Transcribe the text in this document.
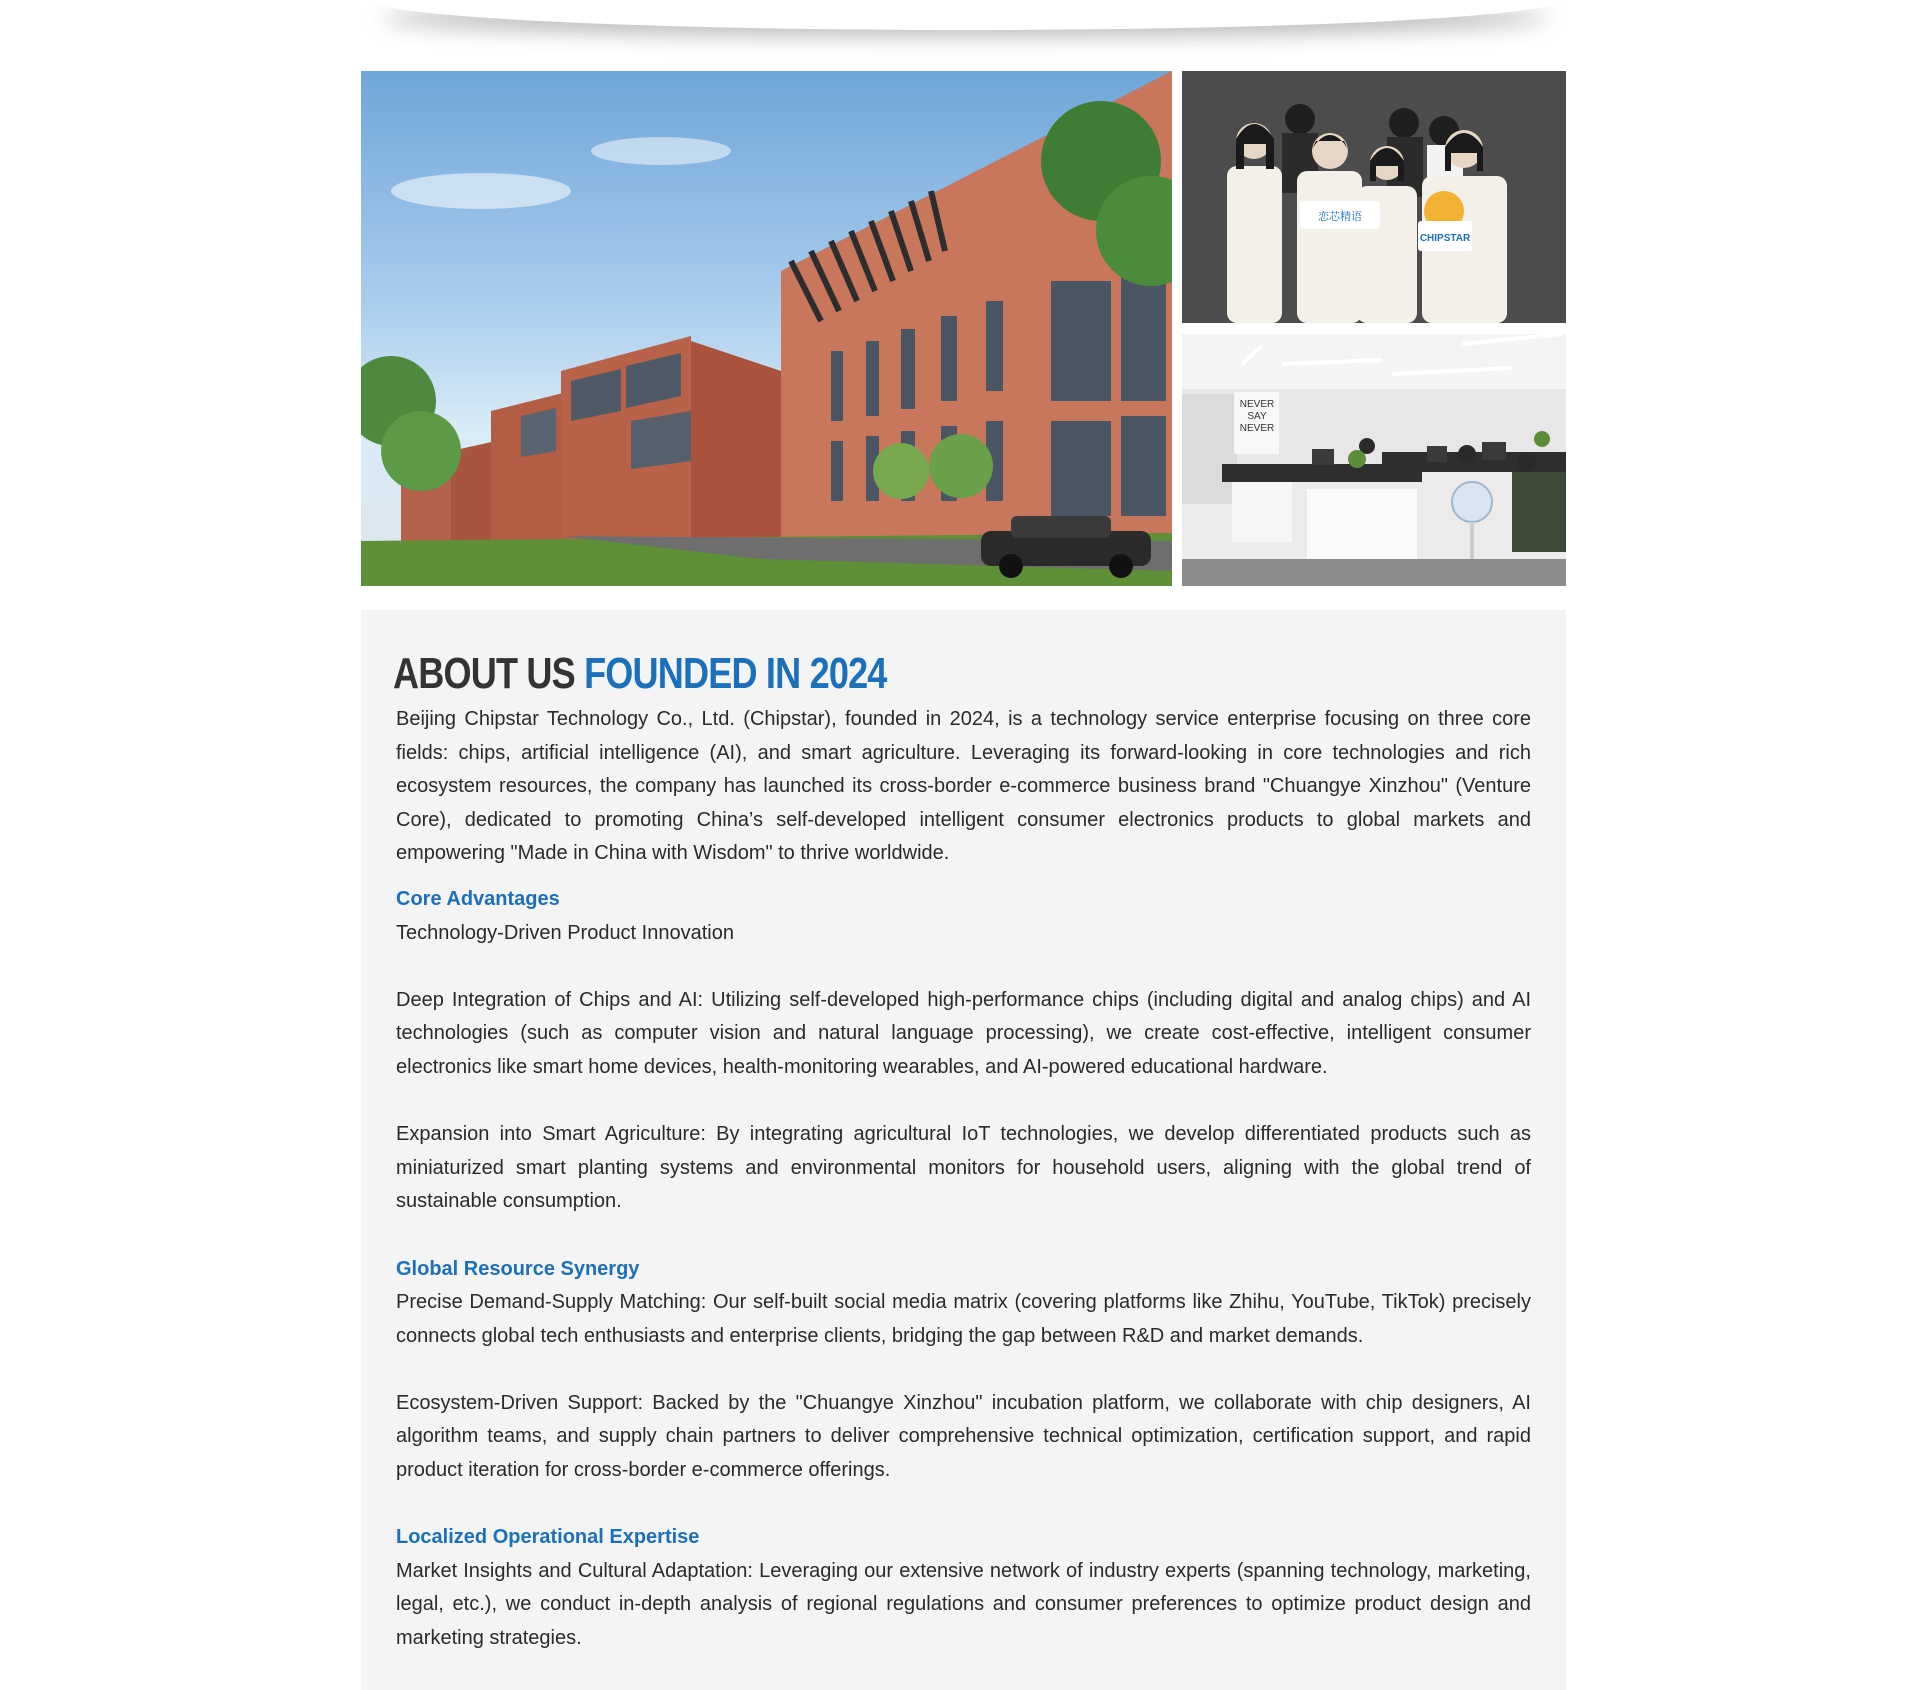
恋芯精语
CHIPSTAR
NEVER
SAY
NEVER
ABOUT US FOUNDED IN 2024

Beijing Chipstar Technology Co., Ltd. (Chipstar), founded in 2024, is a technology service enterprise focusing on three core fields: chips, artificial intelligence (AI), and smart agriculture. Leveraging its forward-looking in core technologies and rich ecosystem resources, the company has launched its cross-border e-commerce business brand "Chuangye Xinzhou" (Venture Core), dedicated to promoting China’s self-developed intelligent consumer electronics products to global markets and empowering "Made in China with Wisdom" to thrive worldwide.

Core Advantages

Technology-Driven Product Innovation

Deep Integration of Chips and AI: Utilizing self-developed high-performance chips (including digital and analog chips) and AI technologies (such as computer vision and natural language processing), we create cost-effective, intelligent consumer electronics like smart home devices, health-monitoring wearables, and AI-powered educational hardware.

Expansion into Smart Agriculture: By integrating agricultural IoT technologies, we develop differentiated products such as miniaturized smart planting systems and environmental monitors for household users, aligning with the global trend of sustainable consumption.

Global Resource Synergy

Precise Demand-Supply Matching: Our self-built social media matrix (covering platforms like Zhihu, YouTube, TikTok) precisely connects global tech enthusiasts and enterprise clients, bridging the gap between R&D and market demands.

Ecosystem-Driven Support: Backed by the "Chuangye Xinzhou" incubation platform, we collaborate with chip designers, AI algorithm teams, and supply chain partners to deliver comprehensive technical optimization, certification support, and rapid product iteration for cross-border e-commerce offerings.

Localized Operational Expertise

Market Insights and Cultural Adaptation: Leveraging our extensive network of industry experts (spanning technology, marketing, legal, etc.), we conduct in-depth analysis of regional regulations and consumer preferences to optimize product design and marketing strategies.
